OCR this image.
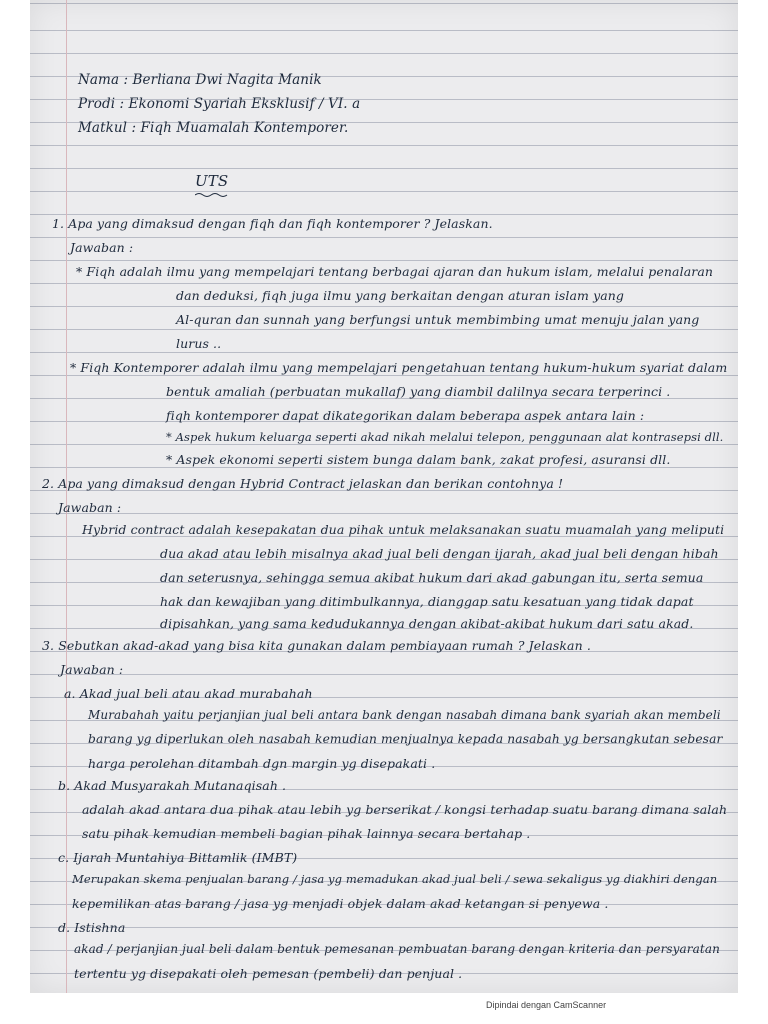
Nama : Berliana Dwi Nagita Manik
Prodi : Ekonomi Syariah Eksklusif / VI. a
Matkul : Fiqh Muamalah Kontemporer.
UTS
1. Apa yang dimaksud dengan fiqh dan fiqh kontemporer ? Jelaskan.
Jawaban :
* Fiqh adalah ilmu yang mempelajari tentang berbagai ajaran dan hukum islam, melalui penalaran
dan deduksi, fiqh juga ilmu yang berkaitan dengan aturan islam yang
Al-quran dan sunnah yang berfungsi untuk membimbing umat menuju jalan yang
lurus ..
* Fiqh Kontemporer adalah ilmu yang mempelajari pengetahuan tentang hukum-hukum syariat dalam
bentuk amaliah (perbuatan mukallaf) yang diambil dalilnya secara terperinci .
fiqh kontemporer dapat dikategorikan dalam beberapa aspek antara lain :
* Aspek hukum keluarga seperti akad nikah melalui telepon, penggunaan alat kontrasepsi dll.
* Aspek ekonomi seperti sistem bunga dalam bank, zakat profesi, asuransi dll.
2. Apa yang dimaksud dengan Hybrid Contract jelaskan dan berikan contohnya !
Jawaban :
Hybrid contract adalah kesepakatan dua pihak untuk melaksanakan suatu muamalah yang meliputi
dua akad atau lebih misalnya akad jual beli dengan ijarah, akad jual beli dengan hibah
dan seterusnya, sehingga semua akibat hukum dari akad gabungan itu, serta semua
hak dan kewajiban yang ditimbulkannya, dianggap satu kesatuan yang tidak dapat
dipisahkan, yang sama kedudukannya dengan akibat-akibat hukum dari satu akad.
3. Sebutkan akad-akad yang bisa kita gunakan dalam pembiayaan rumah ? Jelaskan .
Jawaban :
a. Akad jual beli atau akad murabahah
Murabahah yaitu perjanjian jual beli antara bank dengan nasabah dimana bank syariah akan membeli
barang yg diperlukan oleh nasabah kemudian menjualnya kepada nasabah yg bersangkutan sebesar
harga perolehan ditambah dgn margin yg disepakati .
b. Akad Musyarakah Mutanaqisah .
adalah akad antara dua pihak atau lebih yg berserikat / kongsi terhadap suatu barang dimana salah
satu pihak kemudian membeli bagian pihak lainnya secara bertahap .
c. Ijarah Muntahiya Bittamlik (IMBT)
Merupakan skema penjualan barang / jasa yg memadukan akad jual beli / sewa sekaligus yg diakhiri dengan
kepemilikan atas barang / jasa yg menjadi objek dalam akad ketangan si penyewa .
d. Istishna
akad / perjanjian jual beli dalam bentuk pemesanan pembuatan barang dengan kriteria dan persyaratan
tertentu yg disepakati oleh pemesan (pembeli) dan penjual .
Dipindai dengan CamScanner
